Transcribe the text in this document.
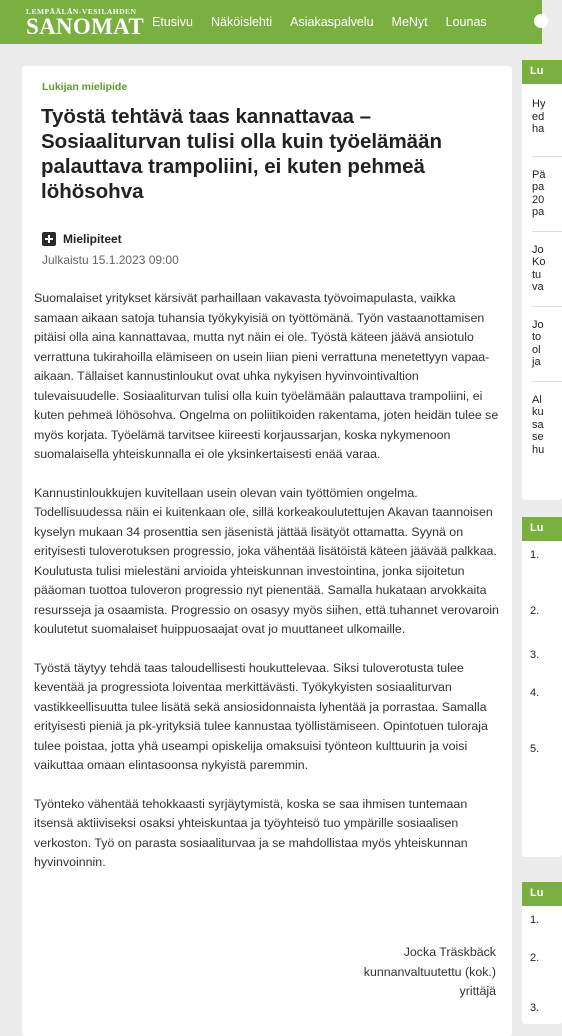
LEMPÄÄLÄN-VESILAHDEN
SANOMAT Etusivu Näköislehti Asiakaspalvelu MeNyt Lounas
Lukijan mielipide
Työstä tehtävä taas kannattavaa – Sosiaaliturvan tulisi olla kuin työelämään palauttava trampoliini, ei kuten pehmeä löhösohva
Mielipiteet
Julkaistu 15.1.2023 09:00

Suomalaiset yritykset kärsivät parhaillaan vakavasta työvoimapulasta, vaikka samaan aikaan satoja tuhansia työkykyisiä on työttömänä. Työn vastaanottamisen pitäisi olla aina kannattavaa, mutta nyt näin ei ole. Työstä käteen jäävä ansiotulo verrattuna tukirahoilla elämiseen on usein liian pieni verrattuna menetettyyn vapaa-aikaan. Tällaiset kannustinloukut ovat uhka nykyisen hyvinvointivaltion tulevaisuudelle. Sosiaaliturvan tulisi olla kuin työelämään palauttava trampoliini, ei kuten pehmeä löhösohva. Ongelma on poliitikoiden rakentama, joten heidän tulee se myös korjata. Työelämä tarvitsee kiireesti korjaussarjan, koska nykymenoon suomalaisella yhteiskunnalla ei ole yksinkertaisesti enää varaa.

Kannustinloukkujen kuvitellaan usein olevan vain työttömien ongelma. Todellisuudessa näin ei kuitenkaan ole, sillä korkeakoulutettujen Akavan taannoisen kyselyn mukaan 34 prosenttia sen jäsenistä jättää lisätyöt ottamatta. Syynä on erityisesti tuloverotuksen progressio, joka vähentää lisätöistä käteen jäävää palkkaa. Koulutusta tulisi mielestäni arvioida yhteiskunnan investointina, jonka sijoitetun pääoman tuottoa tuloveron progressio nyt pienentää. Samalla hukataan arvokkaita resursseja ja osaamista. Progressio on osasyy myös siihen, että tuhannet verovaroin koulutetut suomalaiset huippuosaajat ovat jo muuttaneet ulkomaille.

Työstä täytyy tehdä taas taloudellisesti houkuttelevaa. Siksi tuloverotusta tulee keventää ja progressiota loiventaa merkittävästi. Työkykyisten sosiaaliturvan vastikkeellisuutta tulee lisätä sekä ansiosidonnaista lyhentää ja porrastaa. Samalla erityisesti pieniä ja pk-yrityksiä tulee kannustaa työllistämiseen. Opintotuen tuloraja tulee poistaa, jotta yhä useampi opiskelija omaksuisi työnteon kulttuurin ja voisi vaikuttaa omaan elintasoonsa nykyistä paremmin.

Työnteko vähentää tehokkaasti syrjäytymistä, koska se saa ihmisen tuntemaan itsensä aktiiviseksi osaksi yhteiskuntaa ja työyhteisö tuo ympärille sosiaalisen verkoston. Työ on parasta sosiaaliturvaa ja se mahdollistaa myös yhteiskunnan hyvinvoinnin.

Jocka Träskbäck
kunnanvaltuutettu (kok.)
yrittäjä
Lu
Hy
ed
ha
Pä
pa
20
pa
Jo
Ko
tu
va
Jo
to
ol
ja
Al
ku
sa
se
hu
Lu
1.
2.
3.
4.
5.
Lu
1.
2.
3.
